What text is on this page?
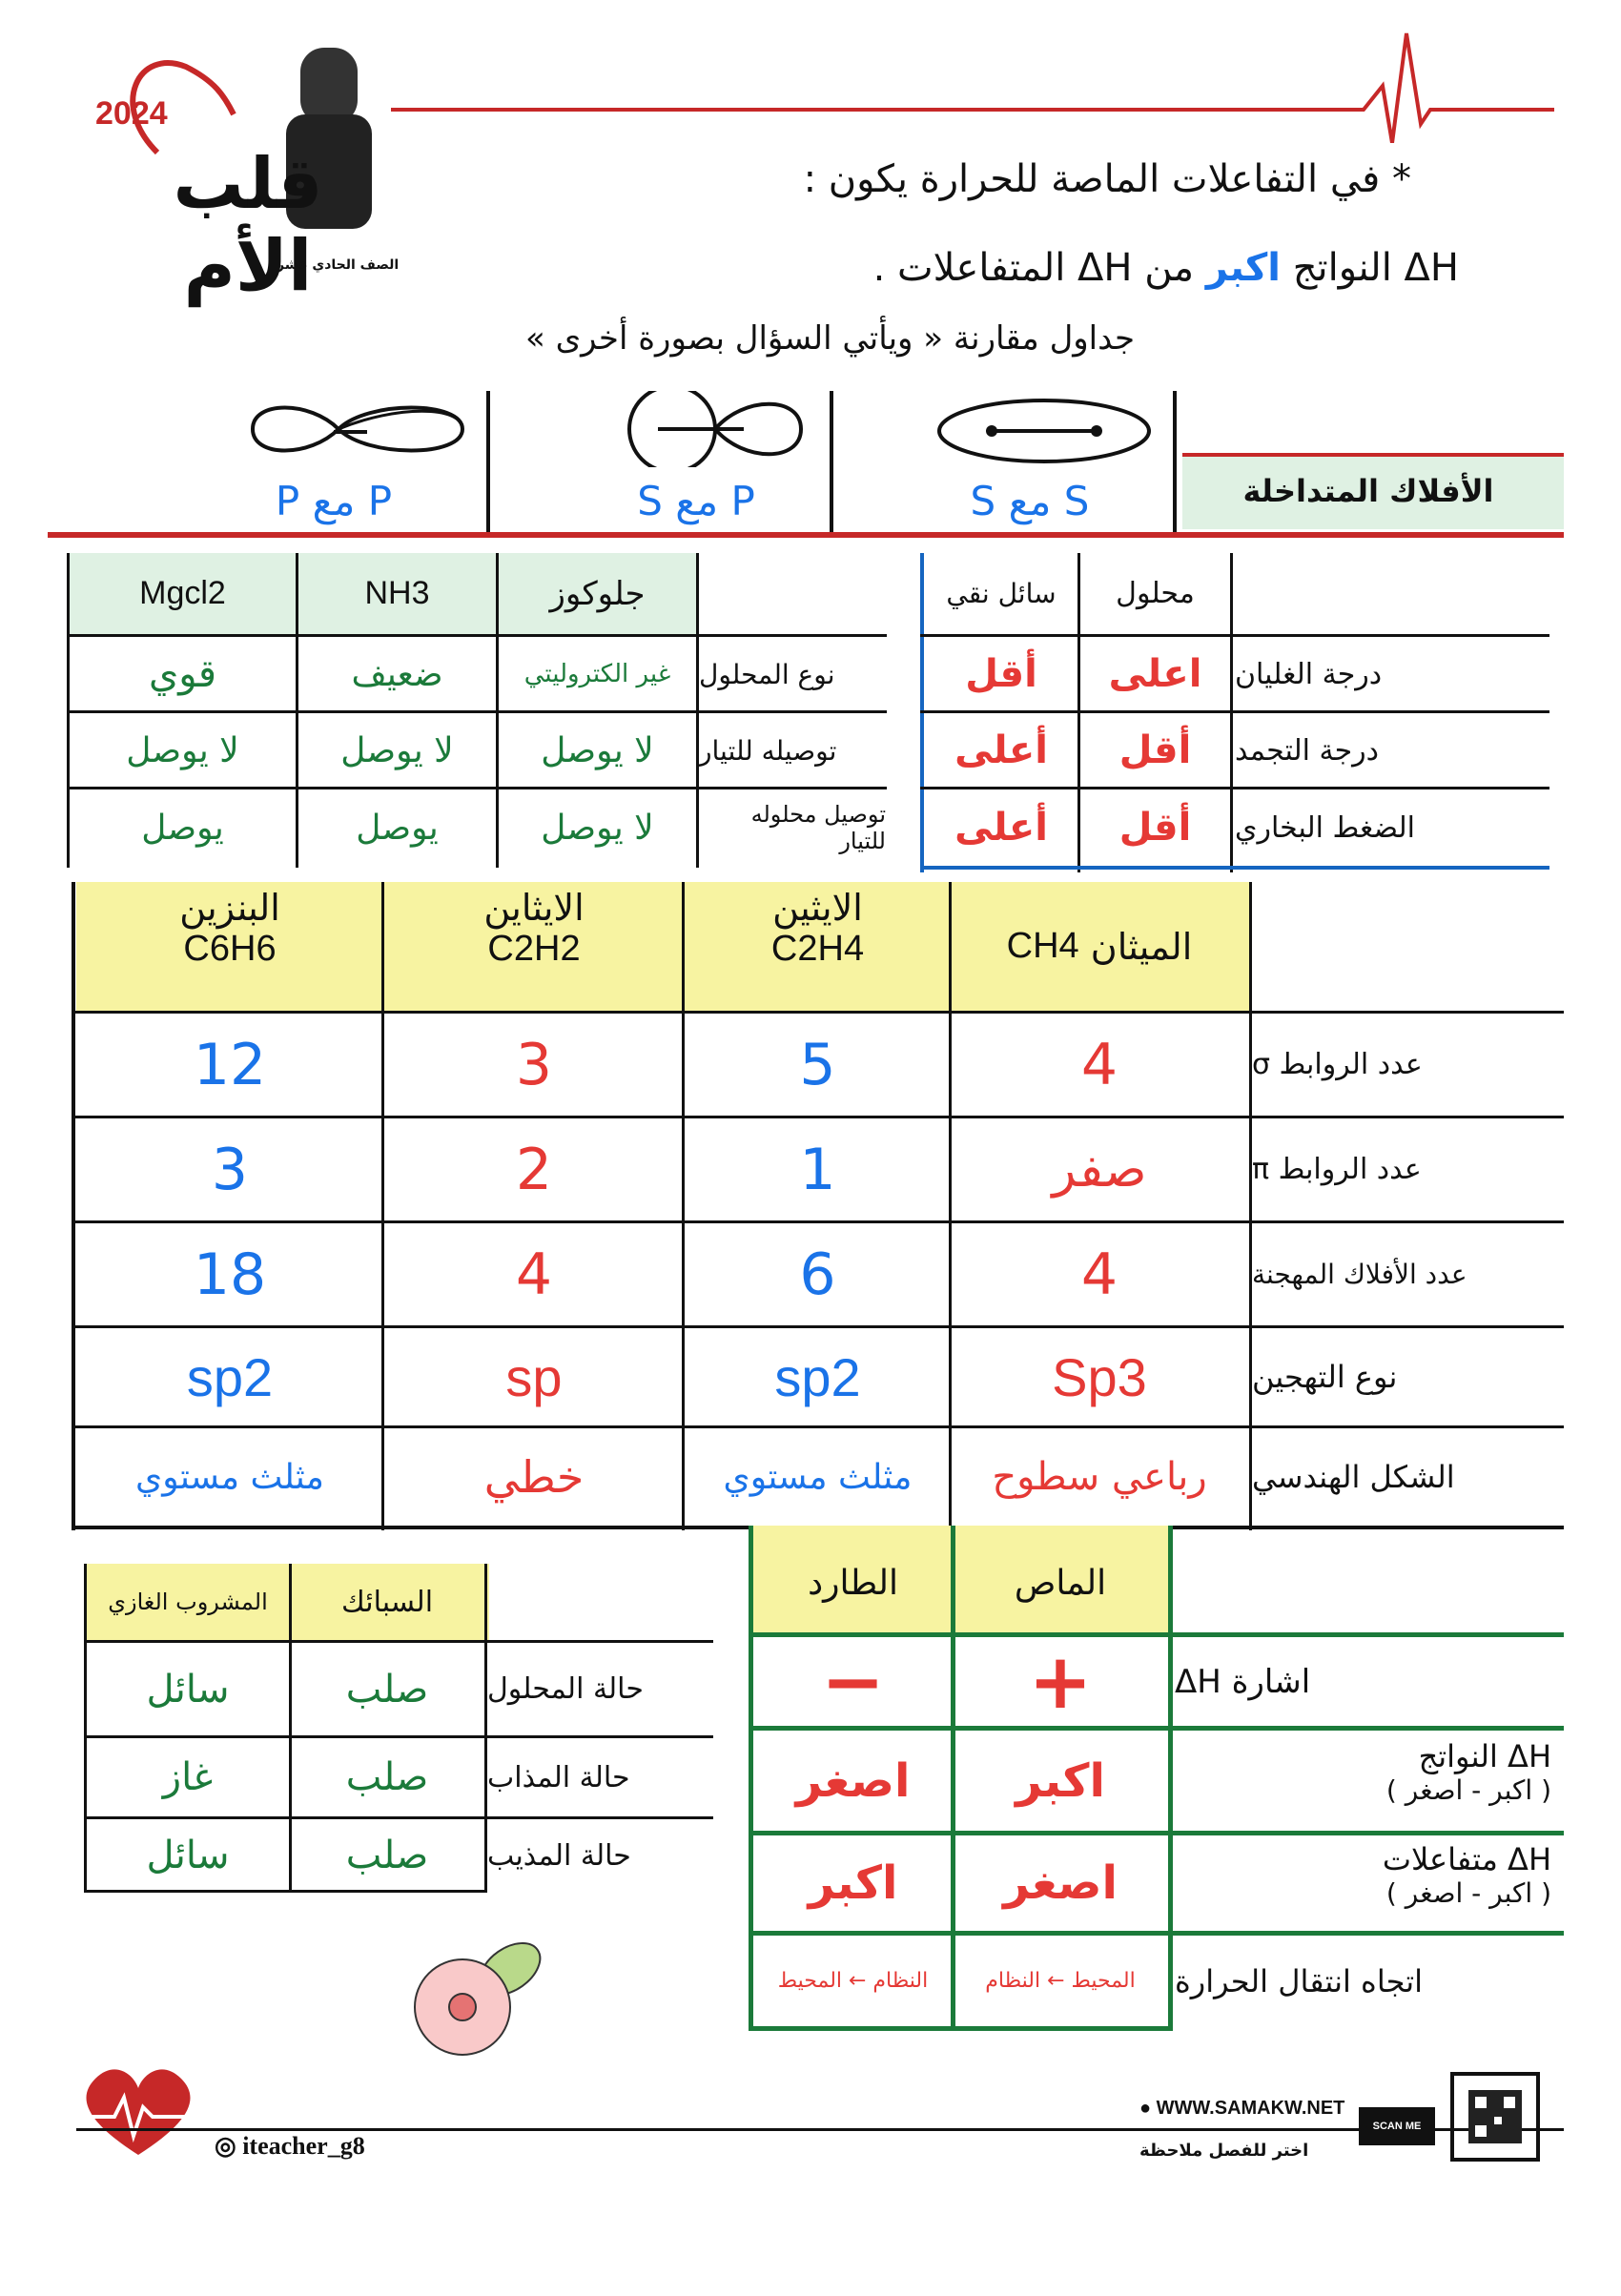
2024
قلب الأم
الصف الحادي عشر
* في التفاعلات الماصة للحرارة يكون :
ΔH النواتج اكبر من ΔH المتفاعلات .
جداول مقارنة « ويأتي السؤال بصورة أخرى »
S مع S
P مع S
P مع P	الأفلاك المتداخلة
محلول
سائل نقي
درجة الغليان
اعلى
أقل
درجة التجمد
أقل
أعلى
الضغط البخاري
أقل
أعلى
جلوكوز
NH3
Mgcl2
نوع المحلول
غير الكتروليتي
ضعيف
قوي
توصيله للتيار
لا يوصل
لا يوصل
لا يوصل
توصيل محلوله للتيار
لا يوصل
يوصل
يوصل
الميثان

CH4
الايثين
C2H4
الايثاين
C2H2
البنزين
C6H6
عدد الروابط σ
4
5
3
12
عدد الروابط π
صفر
1
2
3
عدد الأفلاك المهجنة
4
6
4
18
نوع التهجين
Sp3
sp2
sp
sp2
الشكل الهندسي
رباعي سطوح
مثلث مستوي
خطي
مثلث مستوي
السبائك
المشروب الغازي
حالة المحلول
صلب
سائل
حالة المذاب
صلب
غاز
حالة المذيب
صلب
سائل
الماص
الطارد
اشارة ΔH
+
−
ΔH النواتج
( اكبر - اصغر )
اكبر
اصغر
ΔH متفاعلات
( اكبر - اصغر )
اصغر
اكبر
اتجاه انتقال الحرارة
المحيط ← النظام
النظام ← المحيط
◎ iteacher_g8
● WWW.SAMAKW.NET
اختر للفصل ملاحظة
SCAN ME
